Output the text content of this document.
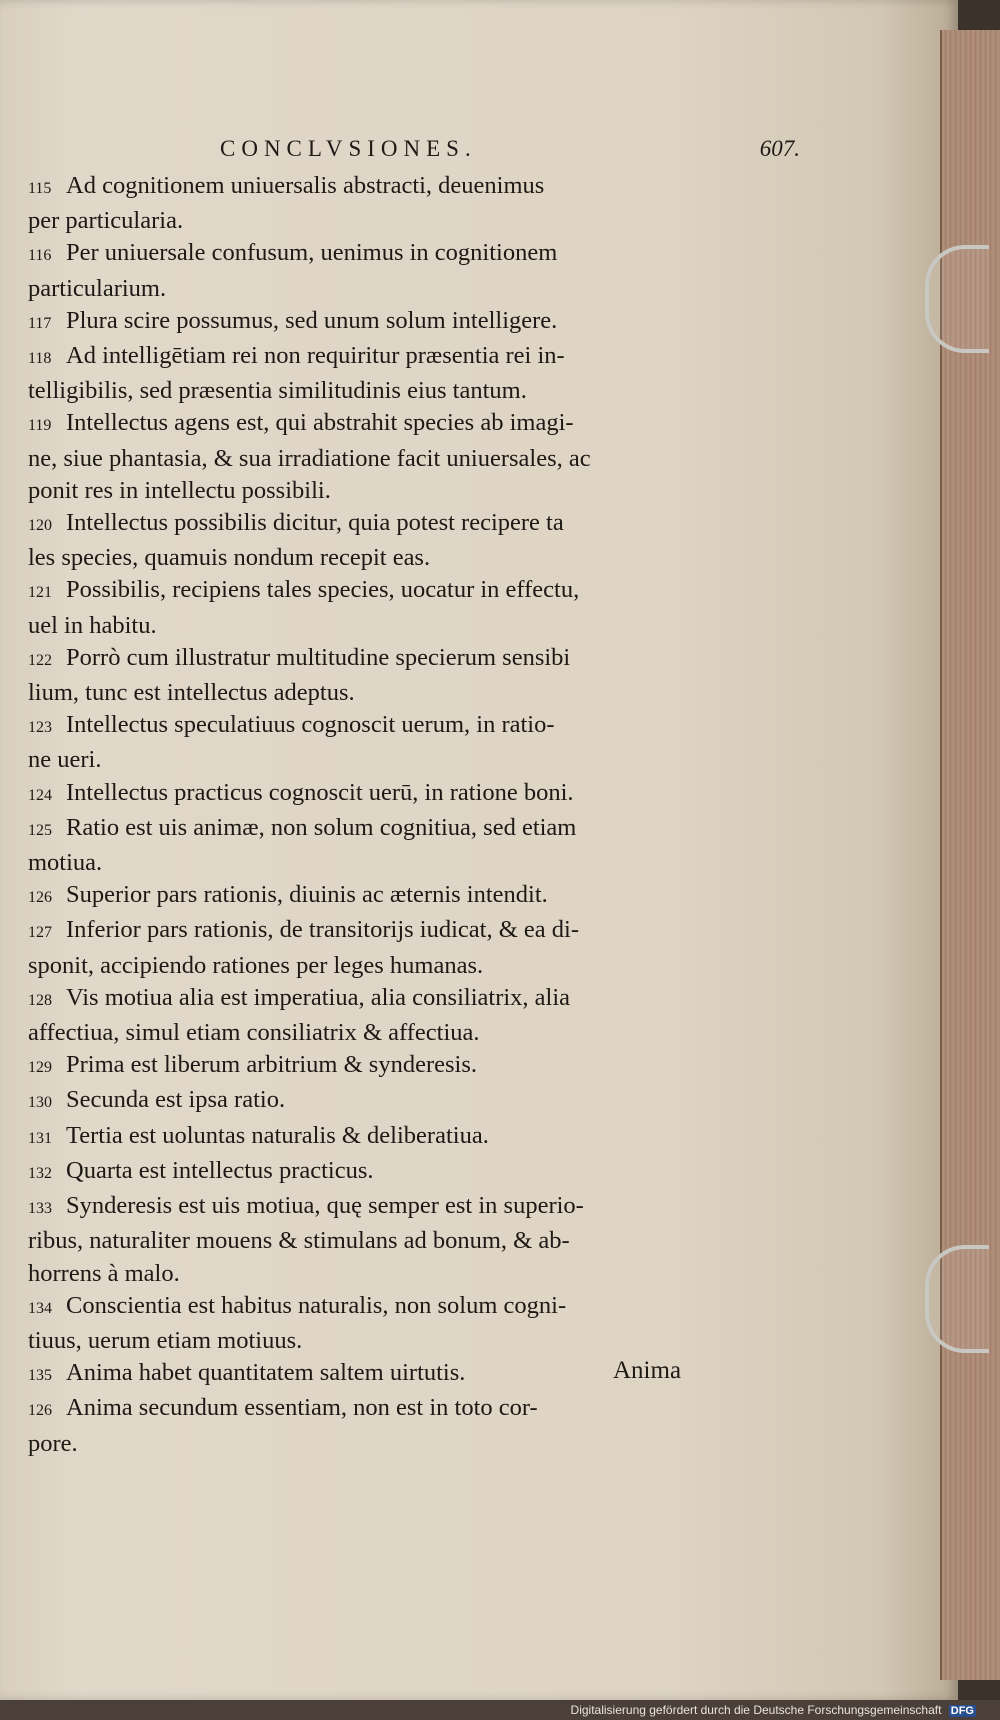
CONCLVSIONES.	607.
115 Ad cognitionem uniuersalis abstracti, deuenimus
per particularia.
116 Per uniuersale confusum, uenimus in cognitionem
particularium.
117 Plura scire possumus, sed unum solum intelligere.
118 Ad intelligētiam rei non requiritur præsentia rei in-
telligibilis, sed præsentia similitudinis eius tantum.
119 Intellectus agens est, qui abstrahit species ab imagi-
ne, siue phantasia, & sua irradiatione facit uniuersales, ac
ponit res in intellectu possibili.
120 Intellectus possibilis dicitur, quia potest recipere ta
les species, quamuis nondum recepit eas.
121 Possibilis, recipiens tales species, uocatur in effectu,
uel in habitu.
122 Porrò cum illustratur multitudine specierum sensibi
lium, tunc est intellectus adeptus.
123 Intellectus speculatiuus cognoscit uerum, in ratio-
ne ueri.
124 Intellectus practicus cognoscit uerū, in ratione boni.
125 Ratio est uis animæ, non solum cognitiua, sed etiam
motiua.
126 Superior pars rationis, diuinis ac æternis intendit.
127 Inferior pars rationis, de transitorijs iudicat, & ea di-
sponit, accipiendo rationes per leges humanas.
128 Vis motiua alia est imperatiua, alia consiliatrix, alia
affectiua, simul etiam consiliatrix & affectiua.
129 Prima est liberum arbitrium & synderesis.
130 Secunda est ipsa ratio.
131 Tertia est uoluntas naturalis & deliberatiua.
132 Quarta est intellectus practicus.
133 Synderesis est uis motiua, quę semper est in superio-
ribus, naturaliter mouens & stimulans ad bonum, & ab-
horrens à malo.
134 Conscientia est habitus naturalis, non solum cogni-
tiuus, uerum etiam motiuus.
135 Anima habet quantitatem saltem uirtutis.
126 Anima secundum essentiam, non est in toto cor-
pore.
Anima
Digitalisierung gefördert durch die Deutsche Forschungsgemeinschaft DFG
